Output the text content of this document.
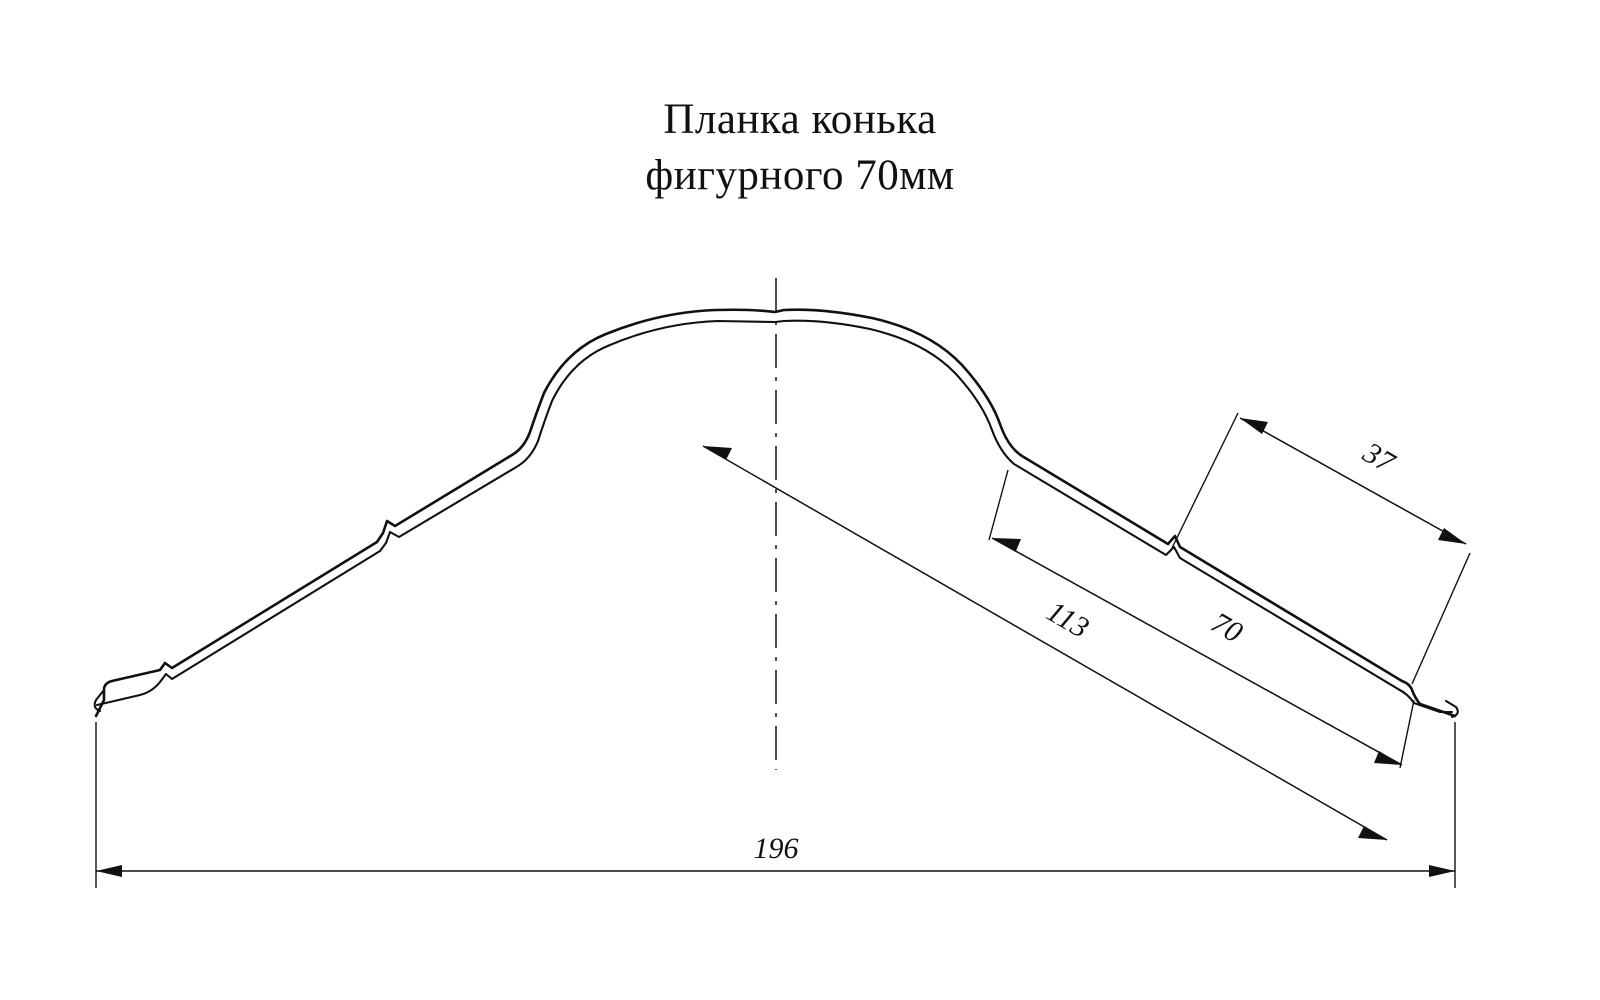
Планка конька
фигурного 70мм
196
113	70
37
